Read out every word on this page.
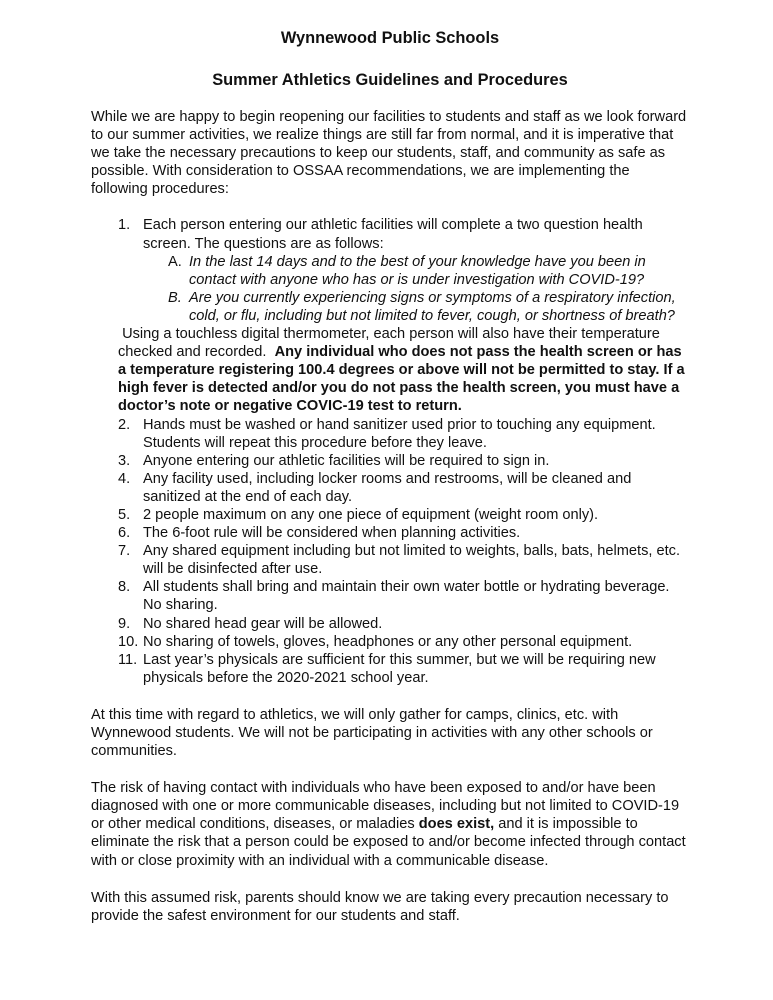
Wynnewood Public Schools
Summer Athletics Guidelines and Procedures

While we are happy to begin reopening our facilities to students and staff as we look forward to our summer activities, we realize things are still far from normal, and it is imperative that we take the necessary precautions to keep our students, staff, and community as safe as possible. With consideration to OSSAA recommendations, we are implementing the following procedures:

1. Each person entering our athletic facilities will complete a two question health screen. The questions are as follows:
A. In the last 14 days and to the best of your knowledge have you been in contact with anyone who has or is under investigation with COVID-19?
B. Are you currently experiencing signs or symptoms of a respiratory infection, cold, or flu, including but not limited to fever, cough, or shortness of breath?

Using a touchless digital thermometer, each person will also have their temperature checked and recorded. Any individual who does not pass the health screen or has a temperature registering 100.4 degrees or above will not be permitted to stay. If a high fever is detected and/or you do not pass the health screen, you must have a doctor’s note or negative COVIC-19 test to return.

2. Hands must be washed or hand sanitizer used prior to touching any equipment. Students will repeat this procedure before they leave.
3. Anyone entering our athletic facilities will be required to sign in.
4. Any facility used, including locker rooms and restrooms, will be cleaned and sanitized at the end of each day.
5. 2 people maximum on any one piece of equipment (weight room only).
6. The 6-foot rule will be considered when planning activities.
7. Any shared equipment including but not limited to weights, balls, bats, helmets, etc. will be disinfected after use.
8. All students shall bring and maintain their own water bottle or hydrating beverage. No sharing.
9. No shared head gear will be allowed.
10. No sharing of towels, gloves, headphones or any other personal equipment.
11. Last year’s physicals are sufficient for this summer, but we will be requiring new physicals before the 2020-2021 school year.

At this time with regard to athletics, we will only gather for camps, clinics, etc. with Wynnewood students. We will not be participating in activities with any other schools or communities.

The risk of having contact with individuals who have been exposed to and/or have been diagnosed with one or more communicable diseases, including but not limited to COVID-19 or other medical conditions, diseases, or maladies does exist, and it is impossible to eliminate the risk that a person could be exposed to and/or become infected through contact with or close proximity with an individual with a communicable disease.

With this assumed risk, parents should know we are taking every precaution necessary to provide the safest environment for our students and staff.
